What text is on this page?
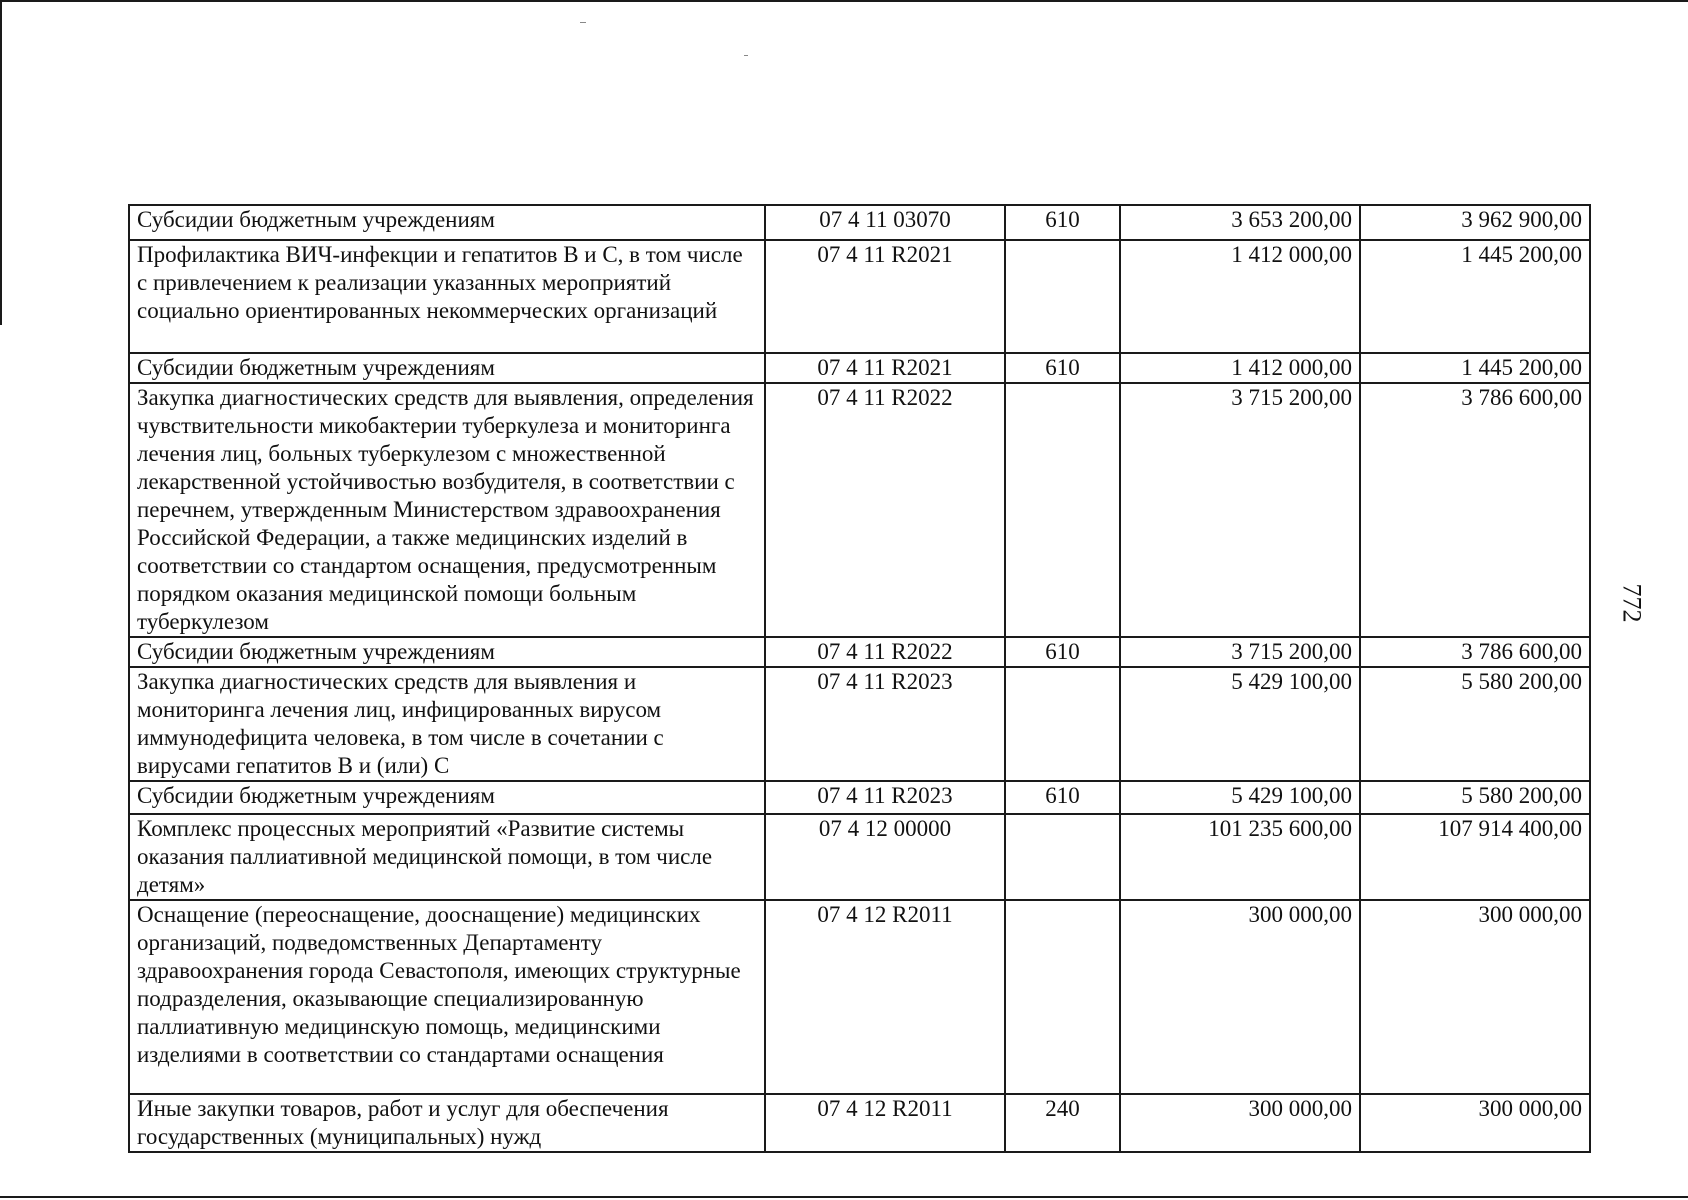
Субсидии бюджетным учреждениям	07 4 11 03070	610	3 653 200,00	3 962 900,00
Профилактика ВИЧ-инфекции и гепатитов В и С, в том числе с привлечением к реализации указанных мероприятий социально ориентированных некоммерческих организаций	07 4 11 R2021		1 412 000,00	1 445 200,00
Субсидии бюджетным учреждениям	07 4 11 R2021	610	1 412 000,00	1 445 200,00
Закупка диагностических средств для выявления, определения чувствительности микобактерии туберкулеза и мониторинга лечения лиц, больных туберкулезом с множественной лекарственной устойчивостью возбудителя, в соответствии с перечнем, утвержденным Министерством здравоохранения Российской Федерации, а также медицинских изделий в соответствии со стандартом оснащения, предусмотренным порядком оказания медицинской помощи больным туберкулезом	07 4 11 R2022		3 715 200,00	3 786 600,00
Субсидии бюджетным учреждениям	07 4 11 R2022	610	3 715 200,00	3 786 600,00
Закупка диагностических средств для выявления и мониторинга лечения лиц, инфицированных вирусом иммунодефицита человека, в том числе в сочетании с вирусами гепатитов В и (или) С	07 4 11 R2023		5 429 100,00	5 580 200,00
Субсидии бюджетным учреждениям	07 4 11 R2023	610	5 429 100,00	5 580 200,00
Комплекс процессных мероприятий «Развитие системы оказания паллиативной медицинской помощи, в том числе детям»	07 4 12 00000		101 235 600,00	107 914 400,00
Оснащение (переоснащение, дооснащение) медицинских организаций, подведомственных Департаменту здравоохранения города Севастополя, имеющих структурные подразделения, оказывающие специализированную паллиативную медицинскую помощь, медицинскими изделиями в соответствии со стандартами оснащения	07 4 12 R2011		300 000,00	300 000,00
Иные закупки товаров, работ и услуг для обеспечения государственных (муниципальных) нужд	07 4 12 R2011	240	300 000,00	300 000,00
772
